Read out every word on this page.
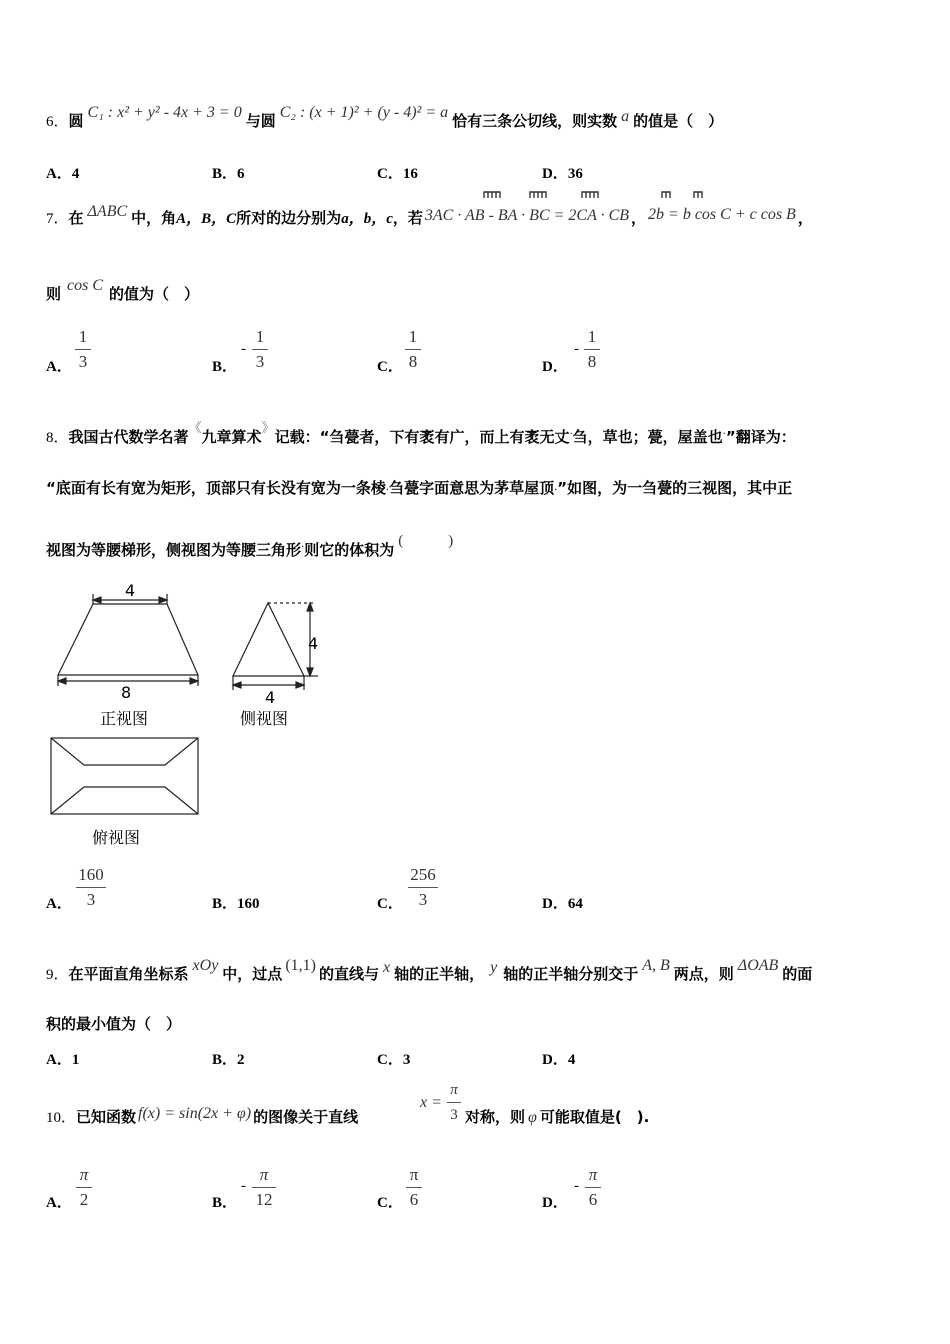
6．圆 C₁ : x² + y² - 4x + 3 = 0 与圆 C₂ : (x + 1)² + (y - 4)² = a 恰有三条公切线，则实数 a 的值是（　）
A．4	B．6	C．16	D．36
7．在 ΔABC 中，角A，B，C所对的边分别为a，b，c，若 3AC · AB - BA · BC = 2CA · CB ， 2b = b cos C + c cos B ，
则 cos C 的值为（　）
A．
1
3	B．
-
1
3	C．
1
8	D．
-
1
8
8．我国古代数学名著《九章算术》记载：“刍甍者，下有袤有广，而上有袤无丈.刍，草也；甍，屋盖也.”翻译为：
“底面有长有宽为矩形，顶部只有长没有宽为一条棱·刍甍字面意思为茅草屋顶·”如图，为一刍甍的三视图，其中正
视图为等腰梯形，侧视图为等腰三角形.则它的体积为 (　　　)
4
8
正视图
4
4
侧视图
俯视图
A．
160
3	B．160	C．
256
3	D．64
9．在平面直角坐标系 xOy 中，过点 (1,1) 的直线与 x 轴的正半轴， y 轴的正半轴分别交于 A, B 两点，则 ΔOAB 的面
积的最小值为（　）
A．1	B．2	C．3	D．4
10．已知函数 f(x) = sin(2x + φ) 的图像关于直线
x =
π
3 对称，则 φ 可能取值是(　).
A．
π
2	B．
-
π
12	C．
π
6	D．
-
π
6
